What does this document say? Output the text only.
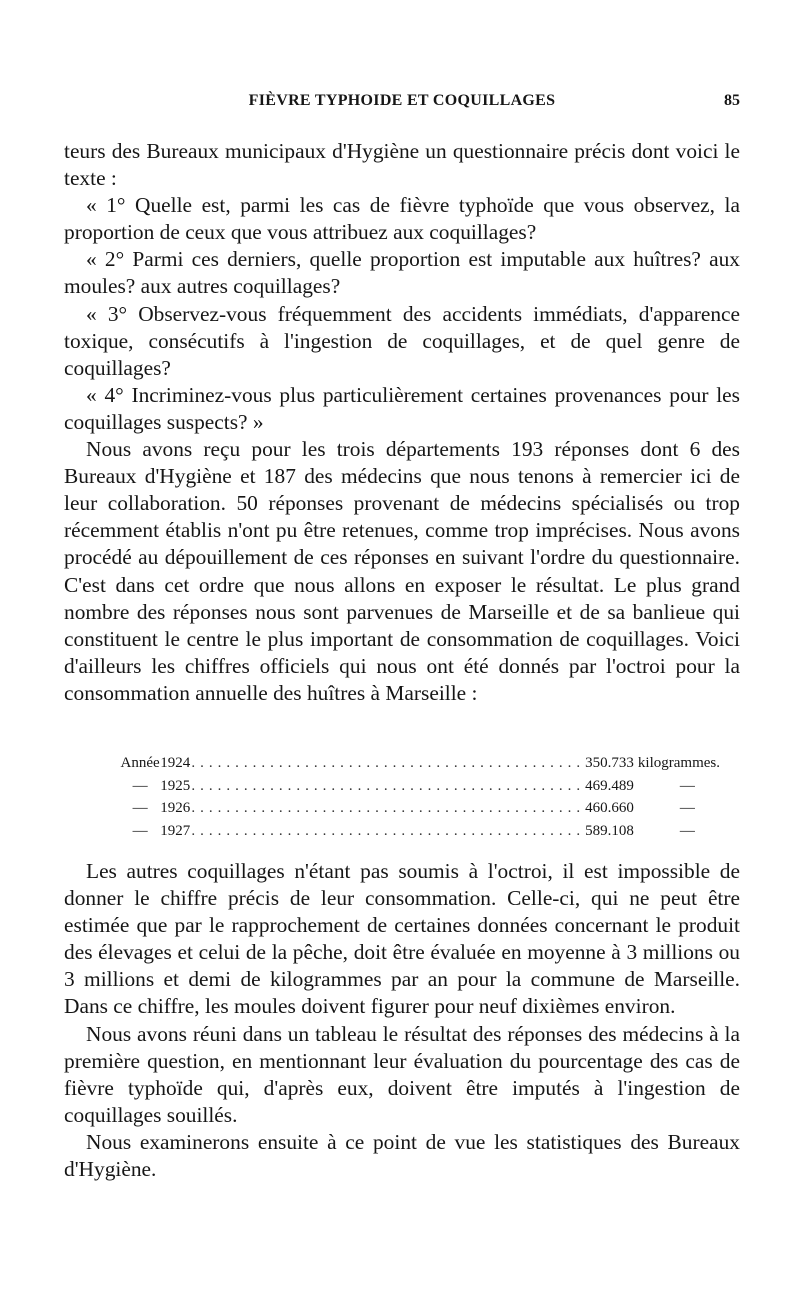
FIÈVRE TYPHOIDE ET COQUILLAGES	85

teurs des Bureaux municipaux d'Hygiène un questionnaire précis dont voici le texte :

« 1° Quelle est, parmi les cas de fièvre typhoïde que vous observez, la proportion de ceux que vous attribuez aux coquillages?

« 2° Parmi ces derniers, quelle proportion est imputable aux huîtres? aux moules? aux autres coquillages?

« 3° Observez-vous fréquemment des accidents immédiats, d'apparence toxique, consécutifs à l'ingestion de coquillages, et de quel genre de coquillages?

« 4° Incriminez-vous plus particulièrement certaines provenances pour les coquillages suspects? »

Nous avons reçu pour les trois départements 193 réponses dont 6 des Bureaux d'Hygiène et 187 des médecins que nous tenons à remercier ici de leur collaboration. 50 réponses provenant de médecins spécialisés ou trop récemment établis n'ont pu être retenues, comme trop imprécises. Nous avons procédé au dépouillement de ces réponses en suivant l'ordre du questionnaire. C'est dans cet ordre que nous allons en exposer le résultat. Le plus grand nombre des réponses nous sont parvenues de Marseille et de sa banlieue qui constituent le centre le plus important de consommation de coquillages. Voici d'ailleurs les chiffres officiels qui nous ont été donnés par l'octroi pour la consommation annuelle des huîtres à Marseille :

Année	1924	.............................................	350.733	kilogrammes.
—	1925	.............................................	469.489	—
—	1926	.............................................	460.660	—
—	1927	.............................................	589.108	—

Les autres coquillages n'étant pas soumis à l'octroi, il est impossible de donner le chiffre précis de leur consommation. Celle-ci, qui ne peut être estimée que par le rapprochement de certaines données concernant le produit des élevages et celui de la pêche, doit être évaluée en moyenne à 3 millions ou 3 millions et demi de kilogrammes par an pour la commune de Marseille. Dans ce chiffre, les moules doivent figurer pour neuf dixièmes environ.

Nous avons réuni dans un tableau le résultat des réponses des médecins à la première question, en mentionnant leur évaluation du pourcentage des cas de fièvre typhoïde qui, d'après eux, doivent être imputés à l'ingestion de coquillages souillés.

Nous examinerons ensuite à ce point de vue les statistiques des Bureaux d'Hygiène.
